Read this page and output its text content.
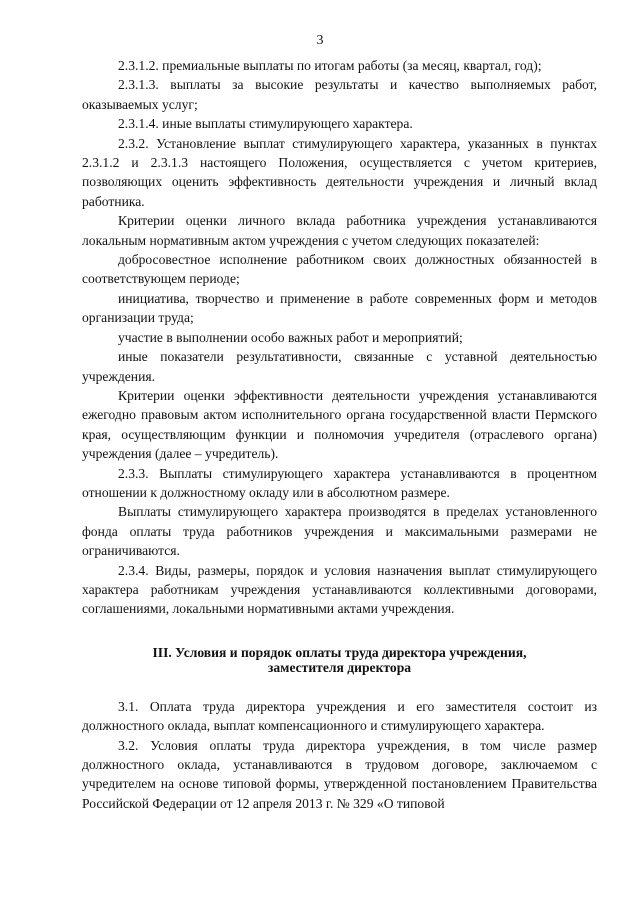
3

2.3.1.2. премиальные выплаты по итогам работы (за месяц, квартал, год);

2.3.1.3. выплаты за высокие результаты и качество выполняемых работ, оказываемых услуг;

2.3.1.4. иные выплаты стимулирующего характера.

2.3.2. Установление выплат стимулирующего характера, указанных в пунктах 2.3.1.2 и 2.3.1.3 настоящего Положения, осуществляется с учетом критериев, позволяющих оценить эффективность деятельности учреждения и личный вклад работника.

Критерии оценки личного вклада работника учреждения устанавливаются локальным нормативным актом учреждения с учетом следующих показателей:

добросовестное исполнение работником своих должностных обязанностей в соответствующем периоде;

инициатива, творчество и применение в работе современных форм и методов организации труда;

участие в выполнении особо важных работ и мероприятий;

иные показатели результативности, связанные с уставной деятельностью учреждения.

Критерии оценки эффективности деятельности учреждения устанавливаются ежегодно правовым актом исполнительного органа государственной власти Пермского края, осуществляющим функции и полномочия учредителя (отраслевого органа) учреждения (далее – учредитель).

2.3.3. Выплаты стимулирующего характера устанавливаются в процентном отношении к должностному окладу или в абсолютном размере.

Выплаты стимулирующего характера производятся в пределах установленного фонда оплаты труда работников учреждения и максимальными размерами не ограничиваются.

2.3.4. Виды, размеры, порядок и условия назначения выплат стимулирующего характера работникам учреждения устанавливаются коллективными договорами, соглашениями, локальными нормативными актами учреждения.

III. Условия и порядок оплаты труда директора учреждения,
заместителя директора

3.1. Оплата труда директора учреждения и его заместителя состоит из должностного оклада, выплат компенсационного и стимулирующего характера.

3.2. Условия оплаты труда директора учреждения, в том числе размер должностного оклада, устанавливаются в трудовом договоре, заключаемом с учредителем на основе типовой формы, утвержденной постановлением Правительства Российской Федерации от 12 апреля 2013 г. № 329 «О типовой
